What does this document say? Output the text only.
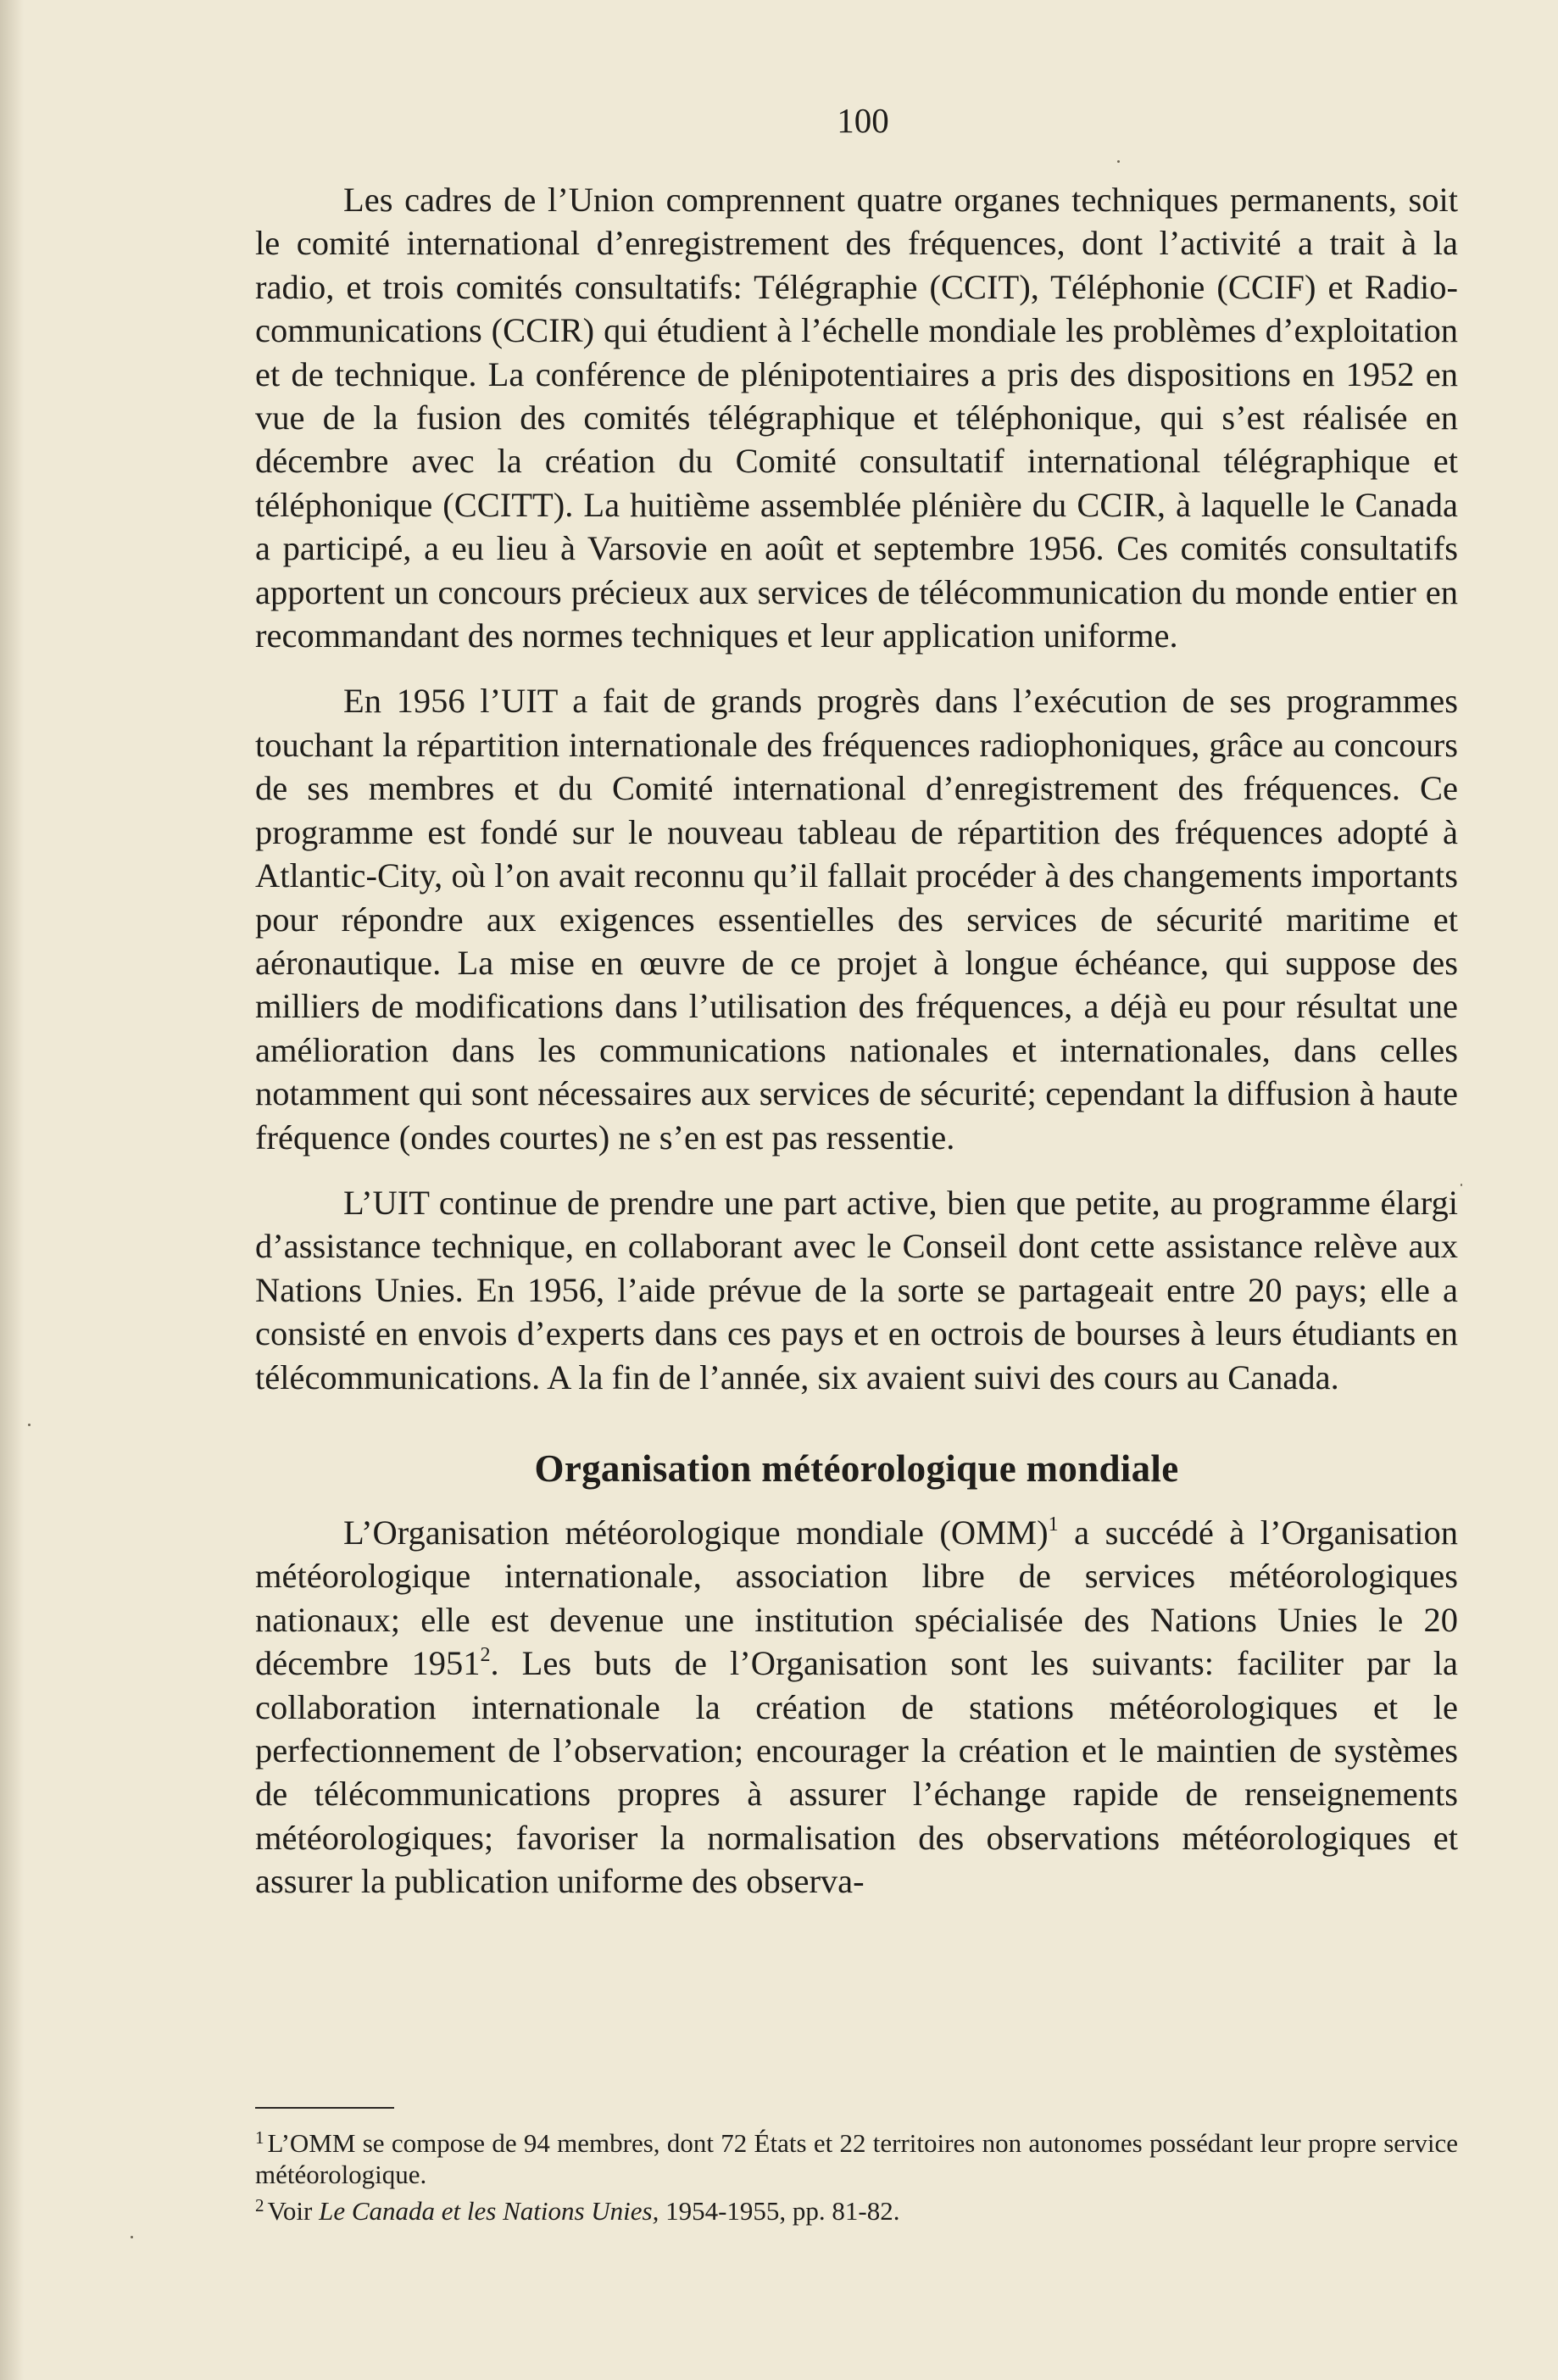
100

Les cadres de l’Union comprennent quatre organes techniques permanents, soit le comité international d’enregistrement des fréquences, dont l’activité a trait à la radio, et trois comités consultatifs: Télégraphie (CCIT), Téléphonie (CCIF) et Radio-communications (CCIR) qui étudient à l’échelle mondiale les problèmes d’exploitation et de technique. La conférence de plénipotentiaires a pris des dispositions en 1952 en vue de la fusion des comités télégraphique et téléphonique, qui s’est réalisée en décembre avec la création du Comité consultatif international télégraphique et téléphonique (CCITT). La huitième assemblée plénière du CCIR, à laquelle le Canada a participé, a eu lieu à Varsovie en août et septembre 1956. Ces comités consultatifs apportent un concours précieux aux services de télécommunication du monde entier en recommandant des normes techniques et leur application uniforme.

En 1956 l’UIT a fait de grands progrès dans l’exécution de ses programmes touchant la répartition internationale des fréquences radiophoniques, grâce au concours de ses membres et du Comité international d’enregistrement des fréquences. Ce programme est fondé sur le nouveau tableau de répartition des fréquences adopté à Atlantic-City, où l’on avait reconnu qu’il fallait procéder à des changements importants pour répondre aux exigences essentielles des services de sécurité maritime et aéronautique. La mise en œuvre de ce projet à longue échéance, qui suppose des milliers de modifications dans l’utilisation des fréquences, a déjà eu pour résultat une amélioration dans les communications nationales et internationales, dans celles notamment qui sont nécessaires aux services de sécurité; cependant la diffusion à haute fréquence (ondes courtes) ne s’en est pas ressentie.

L’UIT continue de prendre une part active, bien que petite, au programme élargi d’assistance technique, en collaborant avec le Conseil dont cette assistance relève aux Nations Unies. En 1956, l’aide prévue de la sorte se partageait entre 20 pays; elle a consisté en envois d’experts dans ces pays et en octrois de bourses à leurs étudiants en télécommunications. A la fin de l’année, six avaient suivi des cours au Canada.

Organisation météorologique mondiale

L’Organisation météorologique mondiale (OMM)$^1$ a succédé à l’Organisation météorologique internationale, association libre de services météorologiques nationaux; elle est devenue une institution spécialisée des Nations Unies le 20 décembre 1951$^2$. Les buts de l’Organisation sont les suivants: faciliter par la collaboration internationale la création de stations météorologiques et le perfectionnement de l’observation; encourager la création et le maintien de systèmes de télécommunications propres à assurer l’échange rapide de renseignements météorologiques; favoriser la normalisation des observations météorologiques et assurer la publication uniforme des observa-

$^1$ L’OMM se compose de 94 membres, dont 72 États et 22 territoires non autonomes possédant leur propre service météorologique.

$^2$ Voir Le Canada et les Nations Unies, 1954-1955, pp. 81-82.
